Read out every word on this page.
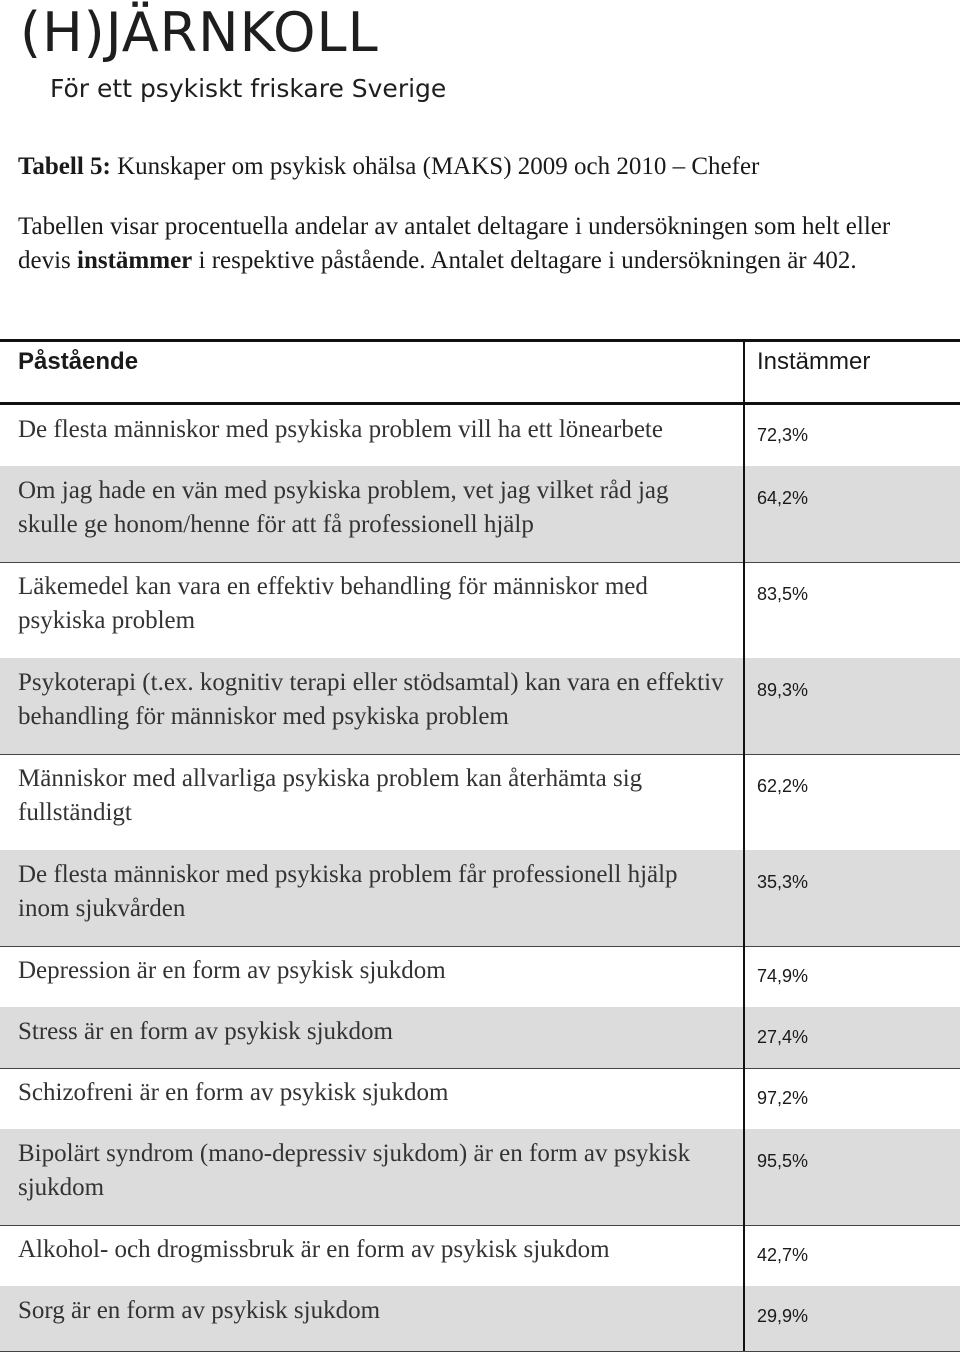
(H)JÄRNKOLL
För ett psykiskt friskare Sverige
Tabell 5: Kunskaper om psykisk ohälsa (MAKS) 2009 och 2010 – Chefer
Tabellen visar procentuella andelar av antalet deltagare i undersökningen som helt eller devis instämmer i respektive påstående. Antalet deltagare i undersökningen är 402.
Påstående	Instämmer
De flesta människor med psykiska problem vill ha ett lönearbete	72,3%
Om jag hade en vän med psykiska problem, vet jag vilket råd jag skulle ge honom/henne för att få professionell hjälp
64,2%
Läkemedel kan vara en effektiv behandling för människor med psykiska problem
83,5%
Psykoterapi (t.ex. kognitiv terapi eller stödsamtal) kan vara en effektiv behandling för människor med psykiska problem
89,3%
Människor med allvarliga psykiska problem kan återhämta sig fullständigt
62,2%
De flesta människor med psykiska problem får professionell hjälp inom sjukvården
35,3%
Depression är en form av psykisk sjukdom	74,9%
Stress är en form av psykisk sjukdom	27,4%
Schizofreni är en form av psykisk sjukdom	97,2%
Bipolärt syndrom (mano-depressiv sjukdom) är en form av psykisk sjukdom
95,5%
Alkohol- och drogmissbruk är en form av psykisk sjukdom	42,7%
Sorg är en form av psykisk sjukdom	29,9%
